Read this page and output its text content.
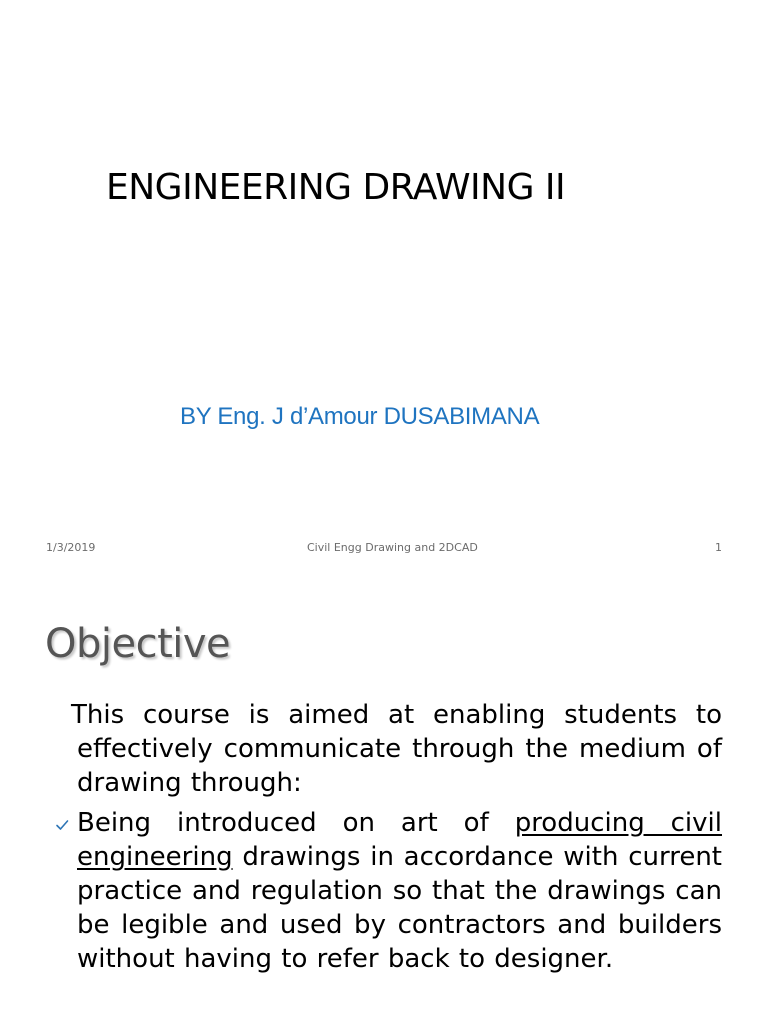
ENGINEERING DRAWING II
BY Eng. J d’Amour DUSABIMANA
1/3/2019	Civil Engg Drawing and 2DCAD	1
Objective
This course is aimed at enabling students to effectively communicate through the medium of drawing through:
Being introduced on art of producing civil engineering drawings in accordance with current practice and regulation so that the drawings can be legible and used by contractors and builders without having to refer back to designer.
